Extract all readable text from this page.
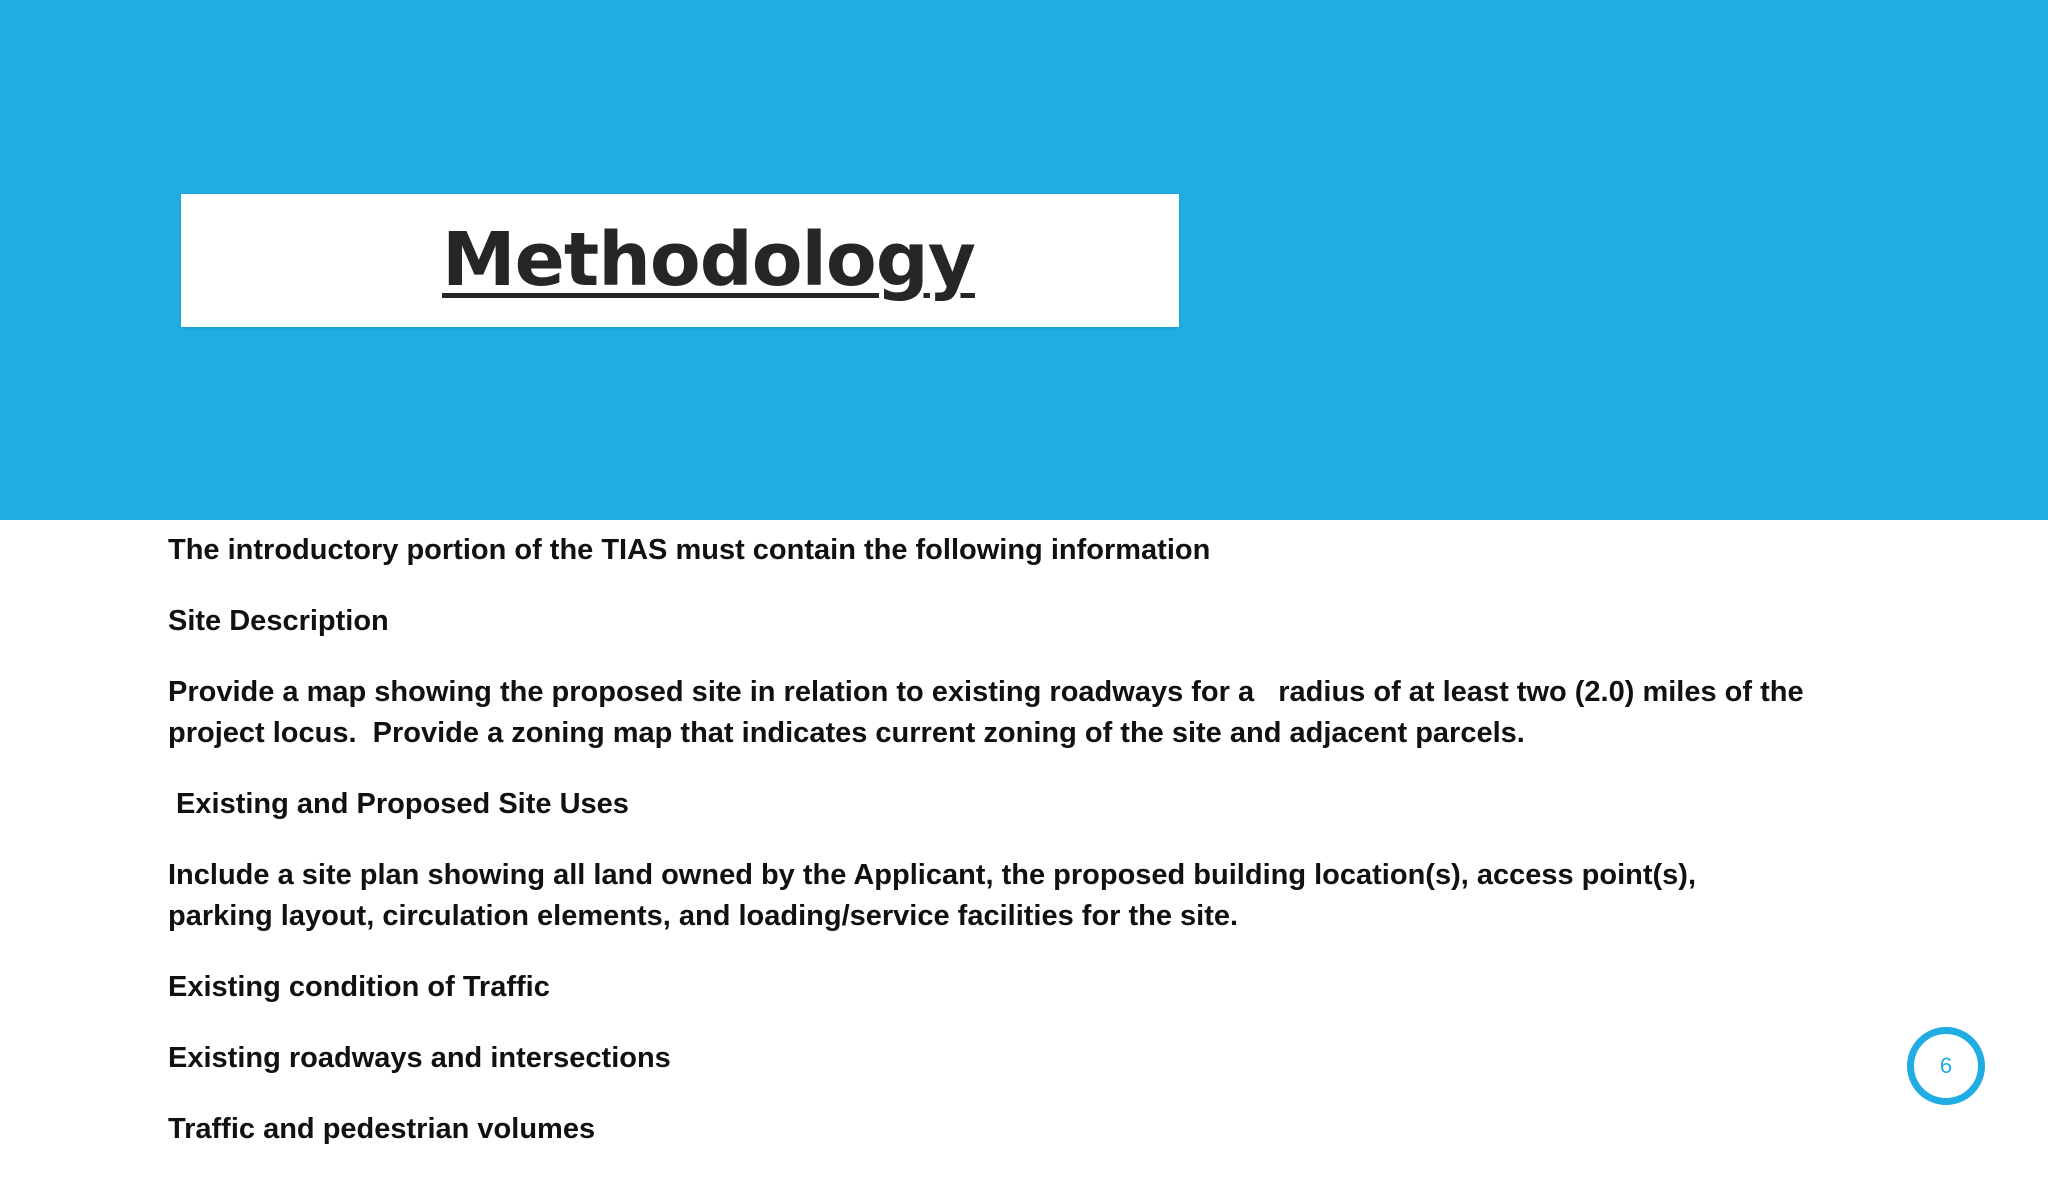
Methodology

The introductory portion of the TIAS must contain the following information

Site Description

Provide a map showing the proposed site in relation to existing roadways for a   radius of at least two (2.0) miles of the project locus.  Provide a zoning map that indicates current zoning of the site and adjacent parcels.

Existing and Proposed Site Uses

Include a site plan showing all land owned by the Applicant, the proposed building location(s), access point(s), parking layout, circulation elements, and loading/service facilities for the site.

Existing condition of Traffic

Existing roadways and intersections

Traffic and pedestrian volumes

6
